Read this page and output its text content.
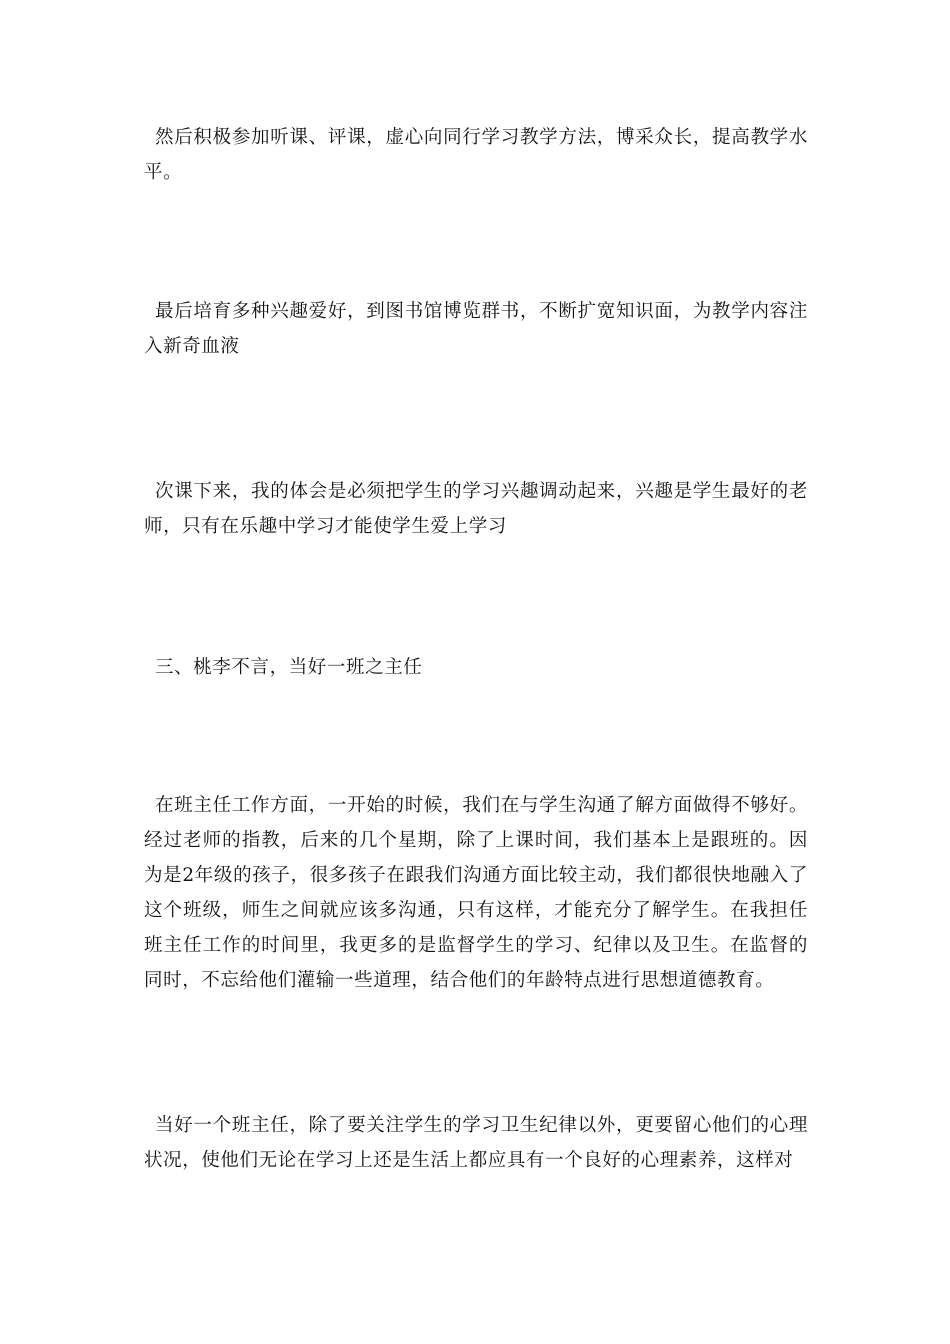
然后积极参加听课、评课，虚心向同行学习教学方法，博采众长，提高教学水平。

最后培育多种兴趣爱好，到图书馆博览群书，不断扩宽知识面，为教学内容注入新奇血液

次课下来，我的体会是必须把学生的学习兴趣调动起来，兴趣是学生最好的老师，只有在乐趣中学习才能使学生爱上学习

三、桃李不言，当好一班之主任

在班主任工作方面，一开始的时候，我们在与学生沟通了解方面做得不够好。经过老师的指教，后来的几个星期，除了上课时间，我们基本上是跟班的。因为是2年级的孩子，很多孩子在跟我们沟通方面比较主动，我们都很快地融入了这个班级，师生之间就应该多沟通，只有这样，才能充分了解学生。在我担任班主任工作的时间里，我更多的是监督学生的学习、纪律以及卫生。在监督的同时，不忘给他们灌输一些道理，结合他们的年龄特点进行思想道德教育。

当好一个班主任，除了要关注学生的学习卫生纪律以外，更要留心他们的心理状况，使他们无论在学习上还是生活上都应具有一个良好的心理素养，这样对
